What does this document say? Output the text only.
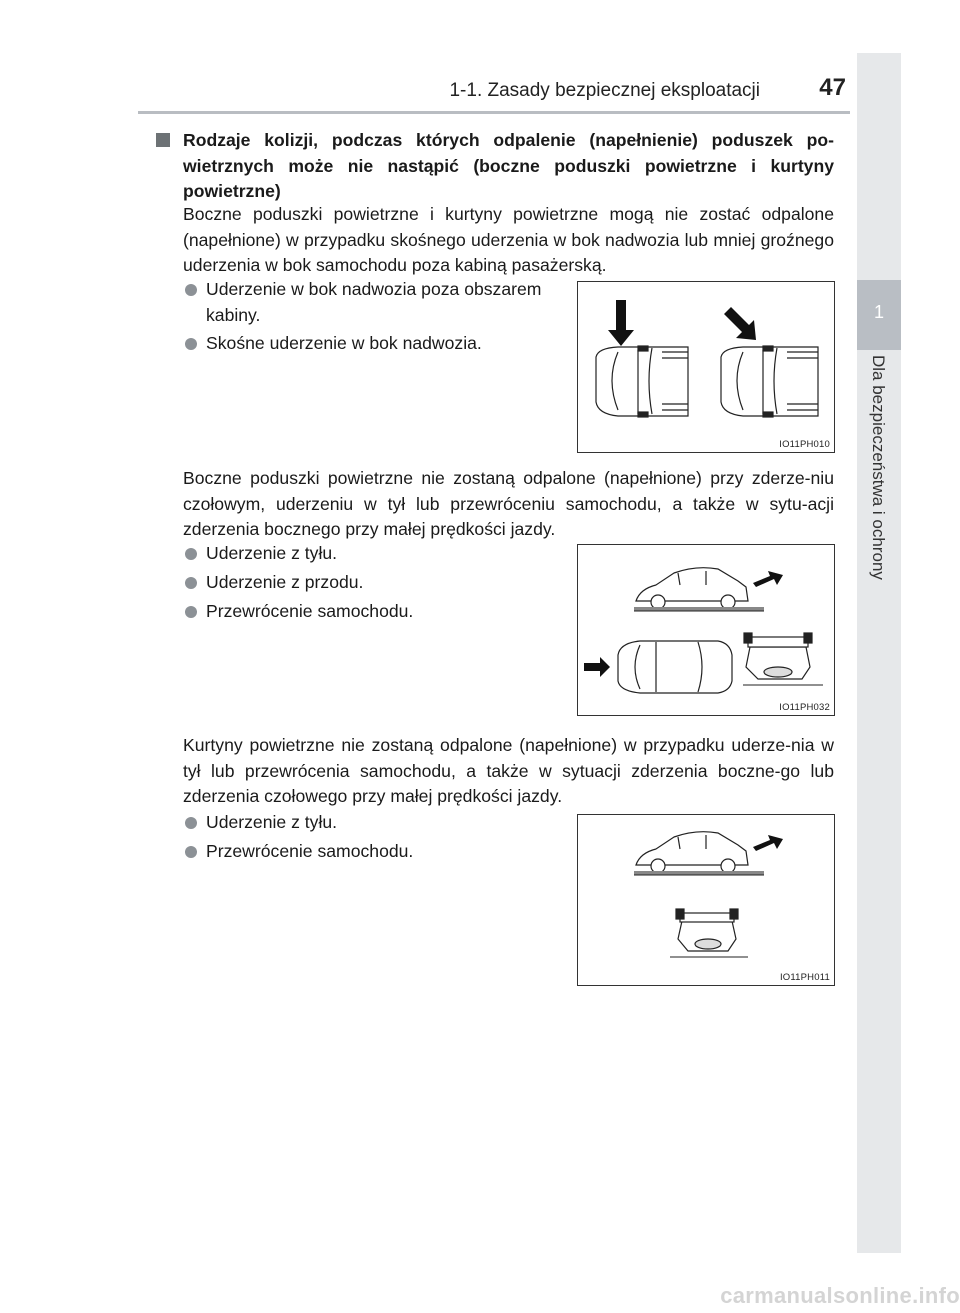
1-1. Zasady bezpiecznej eksploatacji	47
1
Dla bezpieczeństwa i ochrony
Rodzaje kolizji, podczas których odpalenie (napełnienie) poduszek po-wietrznych może nie nastąpić (boczne poduszki powietrzne i kurtyny powietrzne)
Boczne poduszki powietrzne i kurtyny powietrzne mogą nie zostać odpalone (napełnione) w przypadku skośnego uderzenia w bok nadwozia lub mniej groźnego uderzenia w bok samochodu poza kabiną pasażerską.
Uderzenie w bok nadwozia poza obszarem kabiny.
Skośne uderzenie w bok nadwozia.
IO11PH010
Boczne poduszki powietrzne nie zostaną odpalone (napełnione) przy zderze-niu czołowym, uderzeniu w tył lub przewróceniu samochodu, a także w sytu-acji zderzenia bocznego przy małej prędkości jazdy.
Uderzenie z tyłu.
Uderzenie z przodu.
Przewrócenie samochodu.
IO11PH032
Kurtyny powietrzne nie zostaną odpalone (napełnione) w przypadku uderze-nia w tył lub przewrócenia samochodu, a także w sytuacji zderzenia boczne-go lub zderzenia czołowego przy małej prędkości jazdy.
Uderzenie z tyłu.
Przewrócenie samochodu.
IO11PH011
carmanualsonline.info
